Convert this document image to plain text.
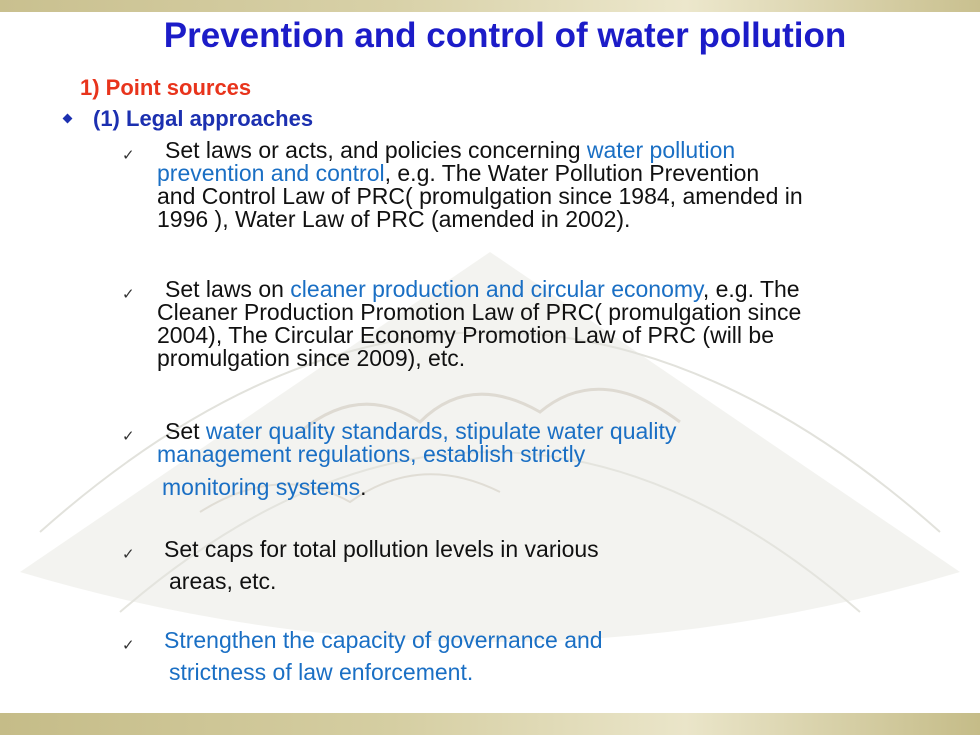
Prevention and control of water pollution
1) Point sources
(1) Legal approaches
✓ Set laws or acts, and policies concerning water pollution
prevention and control, e.g. The Water Pollution Prevention
and Control Law of PRC( promulgation since 1984, amended in
1996 ), Water Law of PRC (amended in 2002).
✓ Set laws on cleaner production and circular economy, e.g. The
Cleaner Production Promotion Law of PRC( promulgation since
2004), The Circular Economy Promotion Law of PRC (will be
promulgation since 2009), etc.
✓ Set water quality standards, stipulate water quality
management regulations, establish strictly
monitoring systems.
✓ Set caps for total pollution levels in various
areas, etc.
✓ Strengthen the capacity of governance and
strictness of law enforcement.
